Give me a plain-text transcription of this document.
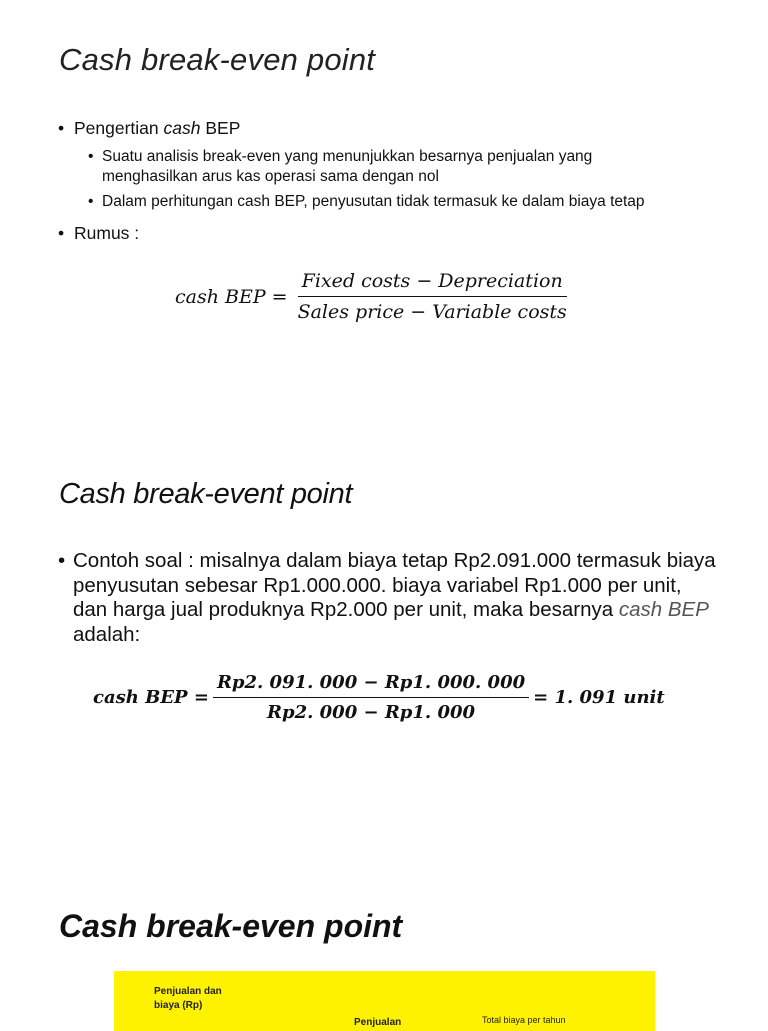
Cash break-even point
• Pengertian cash BEP
• Suatu analisis break-even yang menunjukkan besarnya penjualan yang menghasilkan arus kas operasi sama dengan nol
• Dalam perhitungan cash BEP, penyusutan tidak termasuk ke dalam biaya tetap
• Rumus :
cash BEP = $\frac{\text{Fixed costs − Depreciation}}{\text{Sales price − Variable costs}}$
Cash break-event point
• Contoh soal : misalnya dalam biaya tetap Rp2.091.000 termasuk biaya penyusutan sebesar Rp1.000.000. biaya variabel Rp1.000 per unit, dan harga jual produknya Rp2.000 per unit, maka besarnya cash BEP adalah:
cash BEP = $\frac{Rp2. 091. 000 - Rp1. 000. 000}{Rp2. 000 - Rp1. 000} = 1$. 091 unit
Cash break-even point
Penjualan dan
biaya (Rp)
Penjualan	Total biaya per tahun
